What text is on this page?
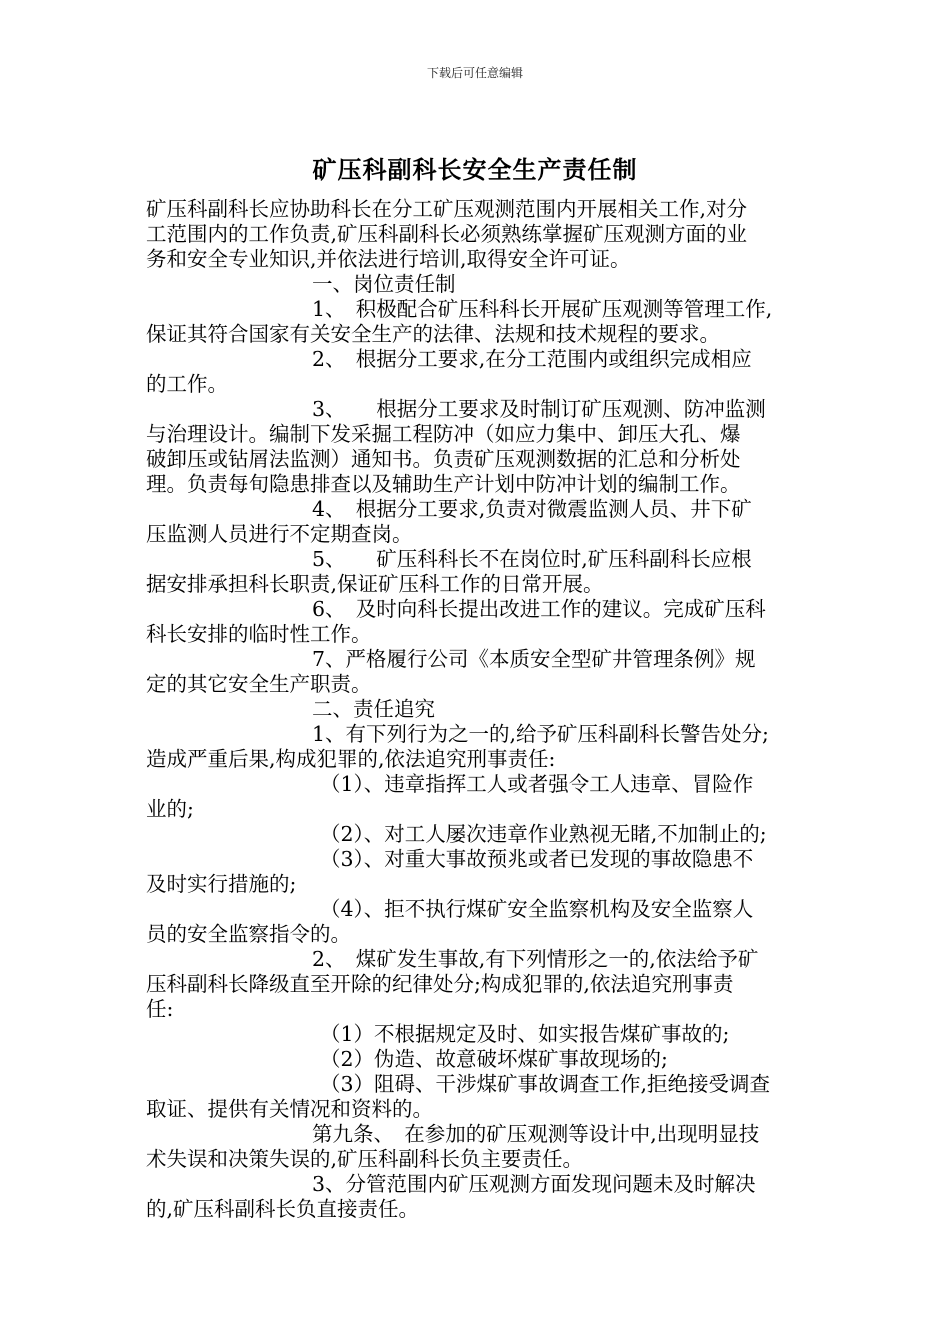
下载后可任意编辑
矿压科副科长安全生产责任制
矿压科副科长应协助科长在分工矿压观测范围内开展相关工作,对分
工范围内的工作负责,矿压科副科长必须熟练掌握矿压观测方面的业
务和安全专业知识,并依法进行培训,取得安全许可证。
一、岗位责任制
1、　积极配合矿压科科长开展矿压观测等管理工作,
保证其符合国家有关安全生产的法律、法规和技术规程的要求。
2、　根据分工要求,在分工范围内或组织完成相应
的工作。
3、　　根据分工要求及时制订矿压观测、防冲监测
与治理设计。编制下发采掘工程防冲（如应力集中、卸压大孔、爆
破卸压或钻屑法监测）通知书。负责矿压观测数据的汇总和分析处
理。负责每旬隐患排查以及辅助生产计划中防冲计划的编制工作。
4、　根据分工要求,负责对微震监测人员、井下矿
压监测人员进行不定期查岗。
5、　　矿压科科长不在岗位时,矿压科副科长应根
据安排承担科长职责,保证矿压科工作的日常开展。
6、　及时向科长提出改进工作的建议。完成矿压科
科长安排的临时性工作。
7、严格履行公司《本质安全型矿井管理条例》规
定的其它安全生产职责。
二、责任追究
1、有下列行为之一的,给予矿压科副科长警告处分;
造成严重后果,构成犯罪的,依法追究刑事责任:
（1）、违章指挥工人或者强令工人违章、冒险作
业的;
（2）、对工人屡次违章作业熟视无睹,不加制止的;
（3）、对重大事故预兆或者已发现的事故隐患不
及时实行措施的;
（4）、拒不执行煤矿安全监察机构及安全监察人
员的安全监察指令的。
2、　煤矿发生事故,有下列情形之一的,依法给予矿
压科副科长降级直至开除的纪律处分;构成犯罪的,依法追究刑事责
任:
（1）不根据规定及时、如实报告煤矿事故的;
（2）伪造、故意破坏煤矿事故现场的;
（3）阻碍、干涉煤矿事故调查工作,拒绝接受调查
取证、提供有关情况和资料的。
第九条、　在参加的矿压观测等设计中,出现明显技
术失误和决策失误的,矿压科副科长负主要责任。
3、分管范围内矿压观测方面发现问题未及时解决
的,矿压科副科长负直接责任。
